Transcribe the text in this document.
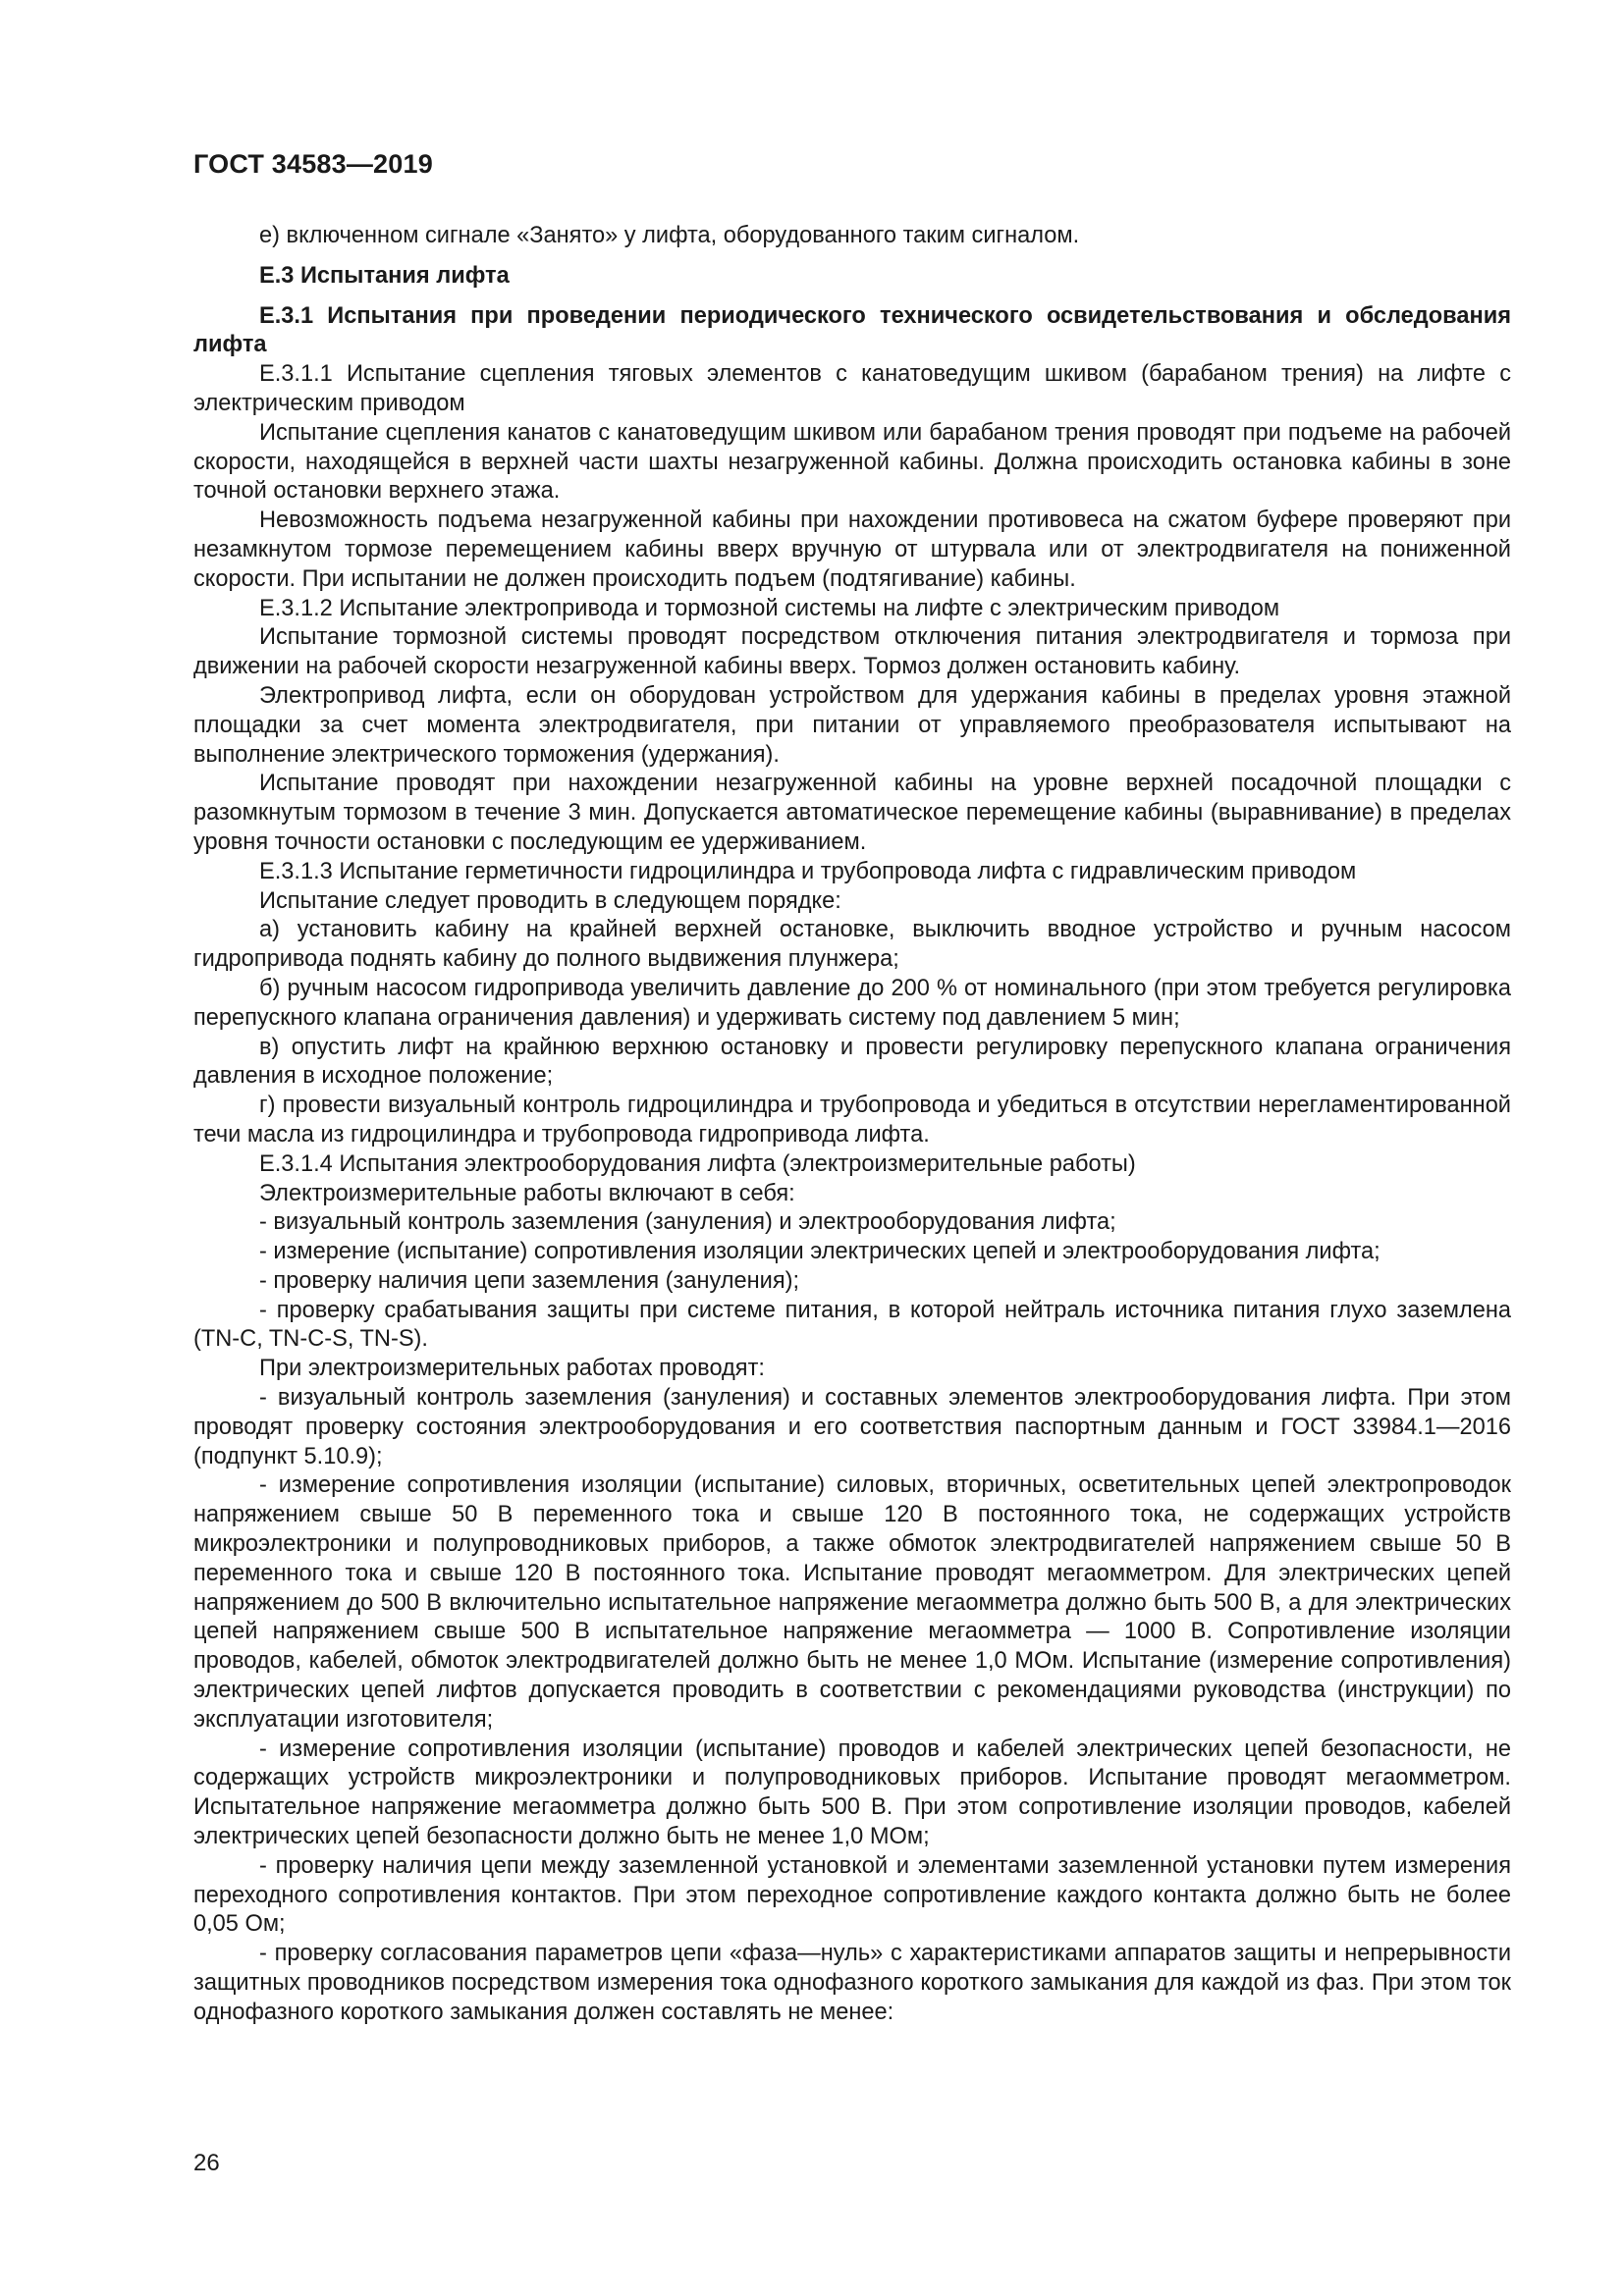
ГОСТ 34583—2019

е) включенном сигнале «Занято» у лифта, оборудованного таким сигналом.

Е.3 Испытания лифта

Е.3.1 Испытания при проведении периодического технического освидетельствования и обследования лифта

Е.3.1.1 Испытание сцепления тяговых элементов с канатоведущим шкивом (барабаном трения) на лифте с электрическим приводом

Испытание сцепления канатов с канатоведущим шкивом или барабаном трения проводят при подъеме на рабочей скорости, находящейся в верхней части шахты незагруженной кабины. Должна происходить остановка кабины в зоне точной остановки верхнего этажа.

Невозможность подъема незагруженной кабины при нахождении противовеса на сжатом буфере проверяют при незамкнутом тормозе перемещением кабины вверх вручную от штурвала или от электродвигателя на пониженной скорости. При испытании не должен происходить подъем (подтягивание) кабины.

Е.3.1.2 Испытание электропривода и тормозной системы на лифте с электрическим приводом

Испытание тормозной системы проводят посредством отключения питания электродвигателя и тормоза при движении на рабочей скорости незагруженной кабины вверх. Тормоз должен остановить кабину.

Электропривод лифта, если он оборудован устройством для удержания кабины в пределах уровня этажной площадки за счет момента электродвигателя, при питании от управляемого преобразователя испытывают на выполнение электрического торможения (удержания).

Испытание проводят при нахождении незагруженной кабины на уровне верхней посадочной площадки с разомкнутым тормозом в течение 3 мин. Допускается автоматическое перемещение кабины (выравнивание) в пределах уровня точности остановки с последующим ее удерживанием.

Е.3.1.3 Испытание герметичности гидроцилиндра и трубопровода лифта с гидравлическим приводом

Испытание следует проводить в следующем порядке:

а) установить кабину на крайней верхней остановке, выключить вводное устройство и ручным насосом гидропривода поднять кабину до полного выдвижения плунжера;

б) ручным насосом гидропривода увеличить давление до 200 % от номинального (при этом требуется регулировка перепускного клапана ограничения давления) и удерживать систему под давлением 5 мин;

в) опустить лифт на крайнюю верхнюю остановку и провести регулировку перепускного клапана ограничения давления в исходное положение;

г) провести визуальный контроль гидроцилиндра и трубопровода и убедиться в отсутствии нерегламентированной течи масла из гидроцилиндра и трубопровода гидропривода лифта.

Е.3.1.4 Испытания электрооборудования лифта (электроизмерительные работы)

Электроизмерительные работы включают в себя:

- визуальный контроль заземления (зануления) и электрооборудования лифта;

- измерение (испытание) сопротивления изоляции электрических цепей и электрооборудования лифта;

- проверку наличия цепи заземления (зануления);

- проверку срабатывания защиты при системе питания, в которой нейтраль источника питания глухо заземлена (TN-C, TN-C-S, TN-S).

При электроизмерительных работах проводят:

- визуальный контроль заземления (зануления) и составных элементов электрооборудования лифта. При этом проводят проверку состояния электрооборудования и его соответствия паспортным данным и ГОСТ 33984.1—2016 (подпункт 5.10.9);

- измерение сопротивления изоляции (испытание) силовых, вторичных, осветительных цепей электропроводок напряжением свыше 50 В переменного тока и свыше 120 В постоянного тока, не содержащих устройств микроэлектроники и полупроводниковых приборов, а также обмоток электродвигателей напряжением свыше 50 В переменного тока и свыше 120 В постоянного тока. Испытание проводят мегаомметром. Для электрических цепей напряжением до 500 В включительно испытательное напряжение мегаомметра должно быть 500 В, а для электрических цепей напряжением свыше 500 В испытательное напряжение мегаомметра — 1000 В. Сопротивление изоляции проводов, кабелей, обмоток электродвигателей должно быть не менее 1,0 МОм. Испытание (измерение сопротивления) электрических цепей лифтов допускается проводить в соответствии с рекомендациями руководства (инструкции) по эксплуатации изготовителя;

- измерение сопротивления изоляции (испытание) проводов и кабелей электрических цепей безопасности, не содержащих устройств микроэлектроники и полупроводниковых приборов. Испытание проводят мегаомметром. Испытательное напряжение мегаомметра должно быть 500 В. При этом сопротивление изоляции проводов, кабелей электрических цепей безопасности должно быть не менее 1,0 МОм;

- проверку наличия цепи между заземленной установкой и элементами заземленной установки путем измерения переходного сопротивления контактов. При этом переходное сопротивление каждого контакта должно быть не более 0,05 Ом;

- проверку согласования параметров цепи «фаза—нуль» с характеристиками аппаратов защиты и непрерывности защитных проводников посредством измерения тока однофазного короткого замыкания для каждой из фаз. При этом ток однофазного короткого замыкания должен составлять не менее:

26
